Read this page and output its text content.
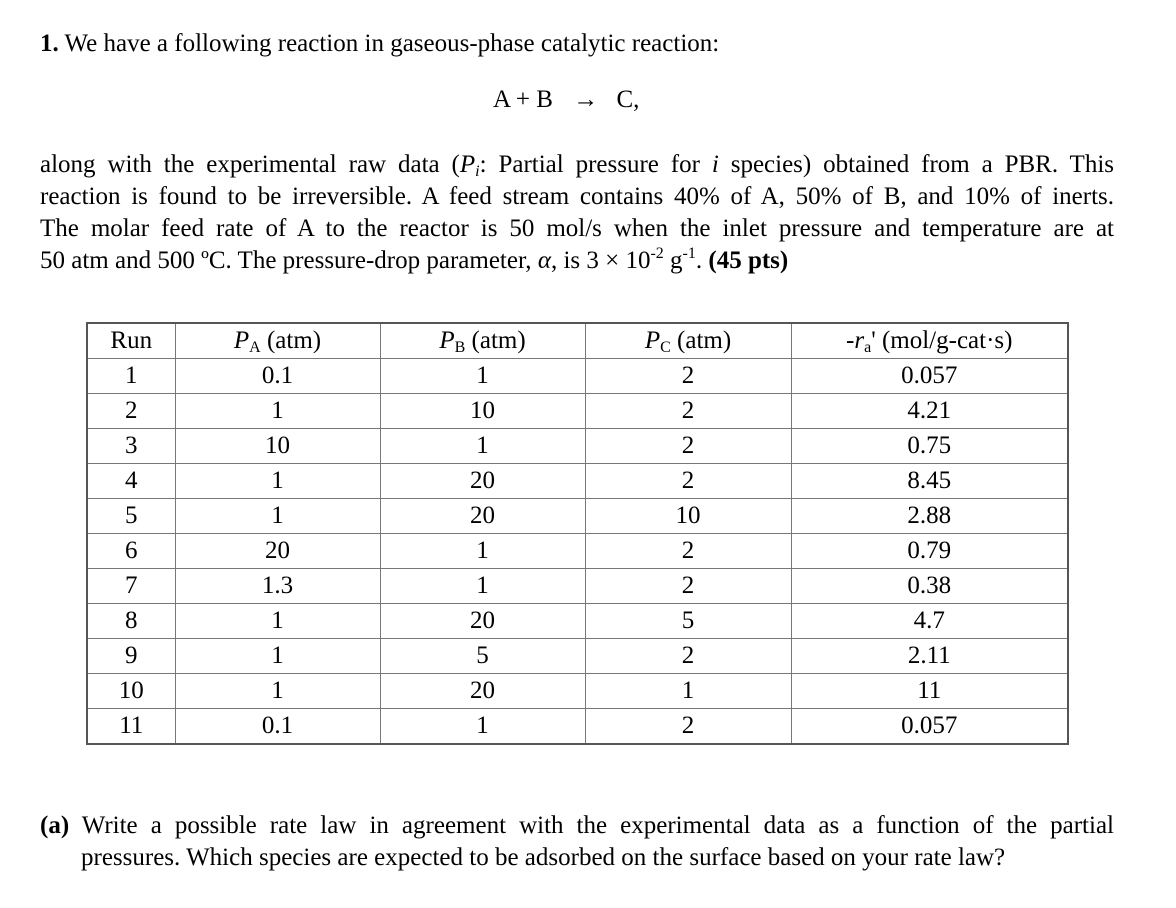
1. We have a following reaction in gaseous-phase catalytic reaction:
A + B → C,
along with the experimental raw data ($P_i$: Partial pressure for i species) obtained from a PBR. This
reaction is found to be irreversible. A feed stream contains 40% of A, 50% of B, and 10% of inerts.
The molar feed rate of A to the reactor is 50 mol/s when the inlet pressure and temperature are at
50 atm and 500 ºC. The pressure-drop parameter, α, is $3 \times 10^{-2}$ $g^{-1}$. (45 pts)
Run	$P_A$ (atm)	$P_B$ (atm)	$P_C$ (atm)	$-r_a'$ (mol/g-cat·s)
1	0.1	1	2	0.057
2	1	10	2	4.21
3	10	1	2	0.75
4	1	20	2	8.45
5	1	20	10	2.88
6	20	1	2	0.79
7	1.3	1	2	0.38
8	1	20	5	4.7
9	1	5	2	2.11
10	1	20	1	11
11	0.1	1	2	0.057
(a) Write a possible rate law in agreement with the experimental data as a function of the partial
pressures. Which species are expected to be adsorbed on the surface based on your rate law?
